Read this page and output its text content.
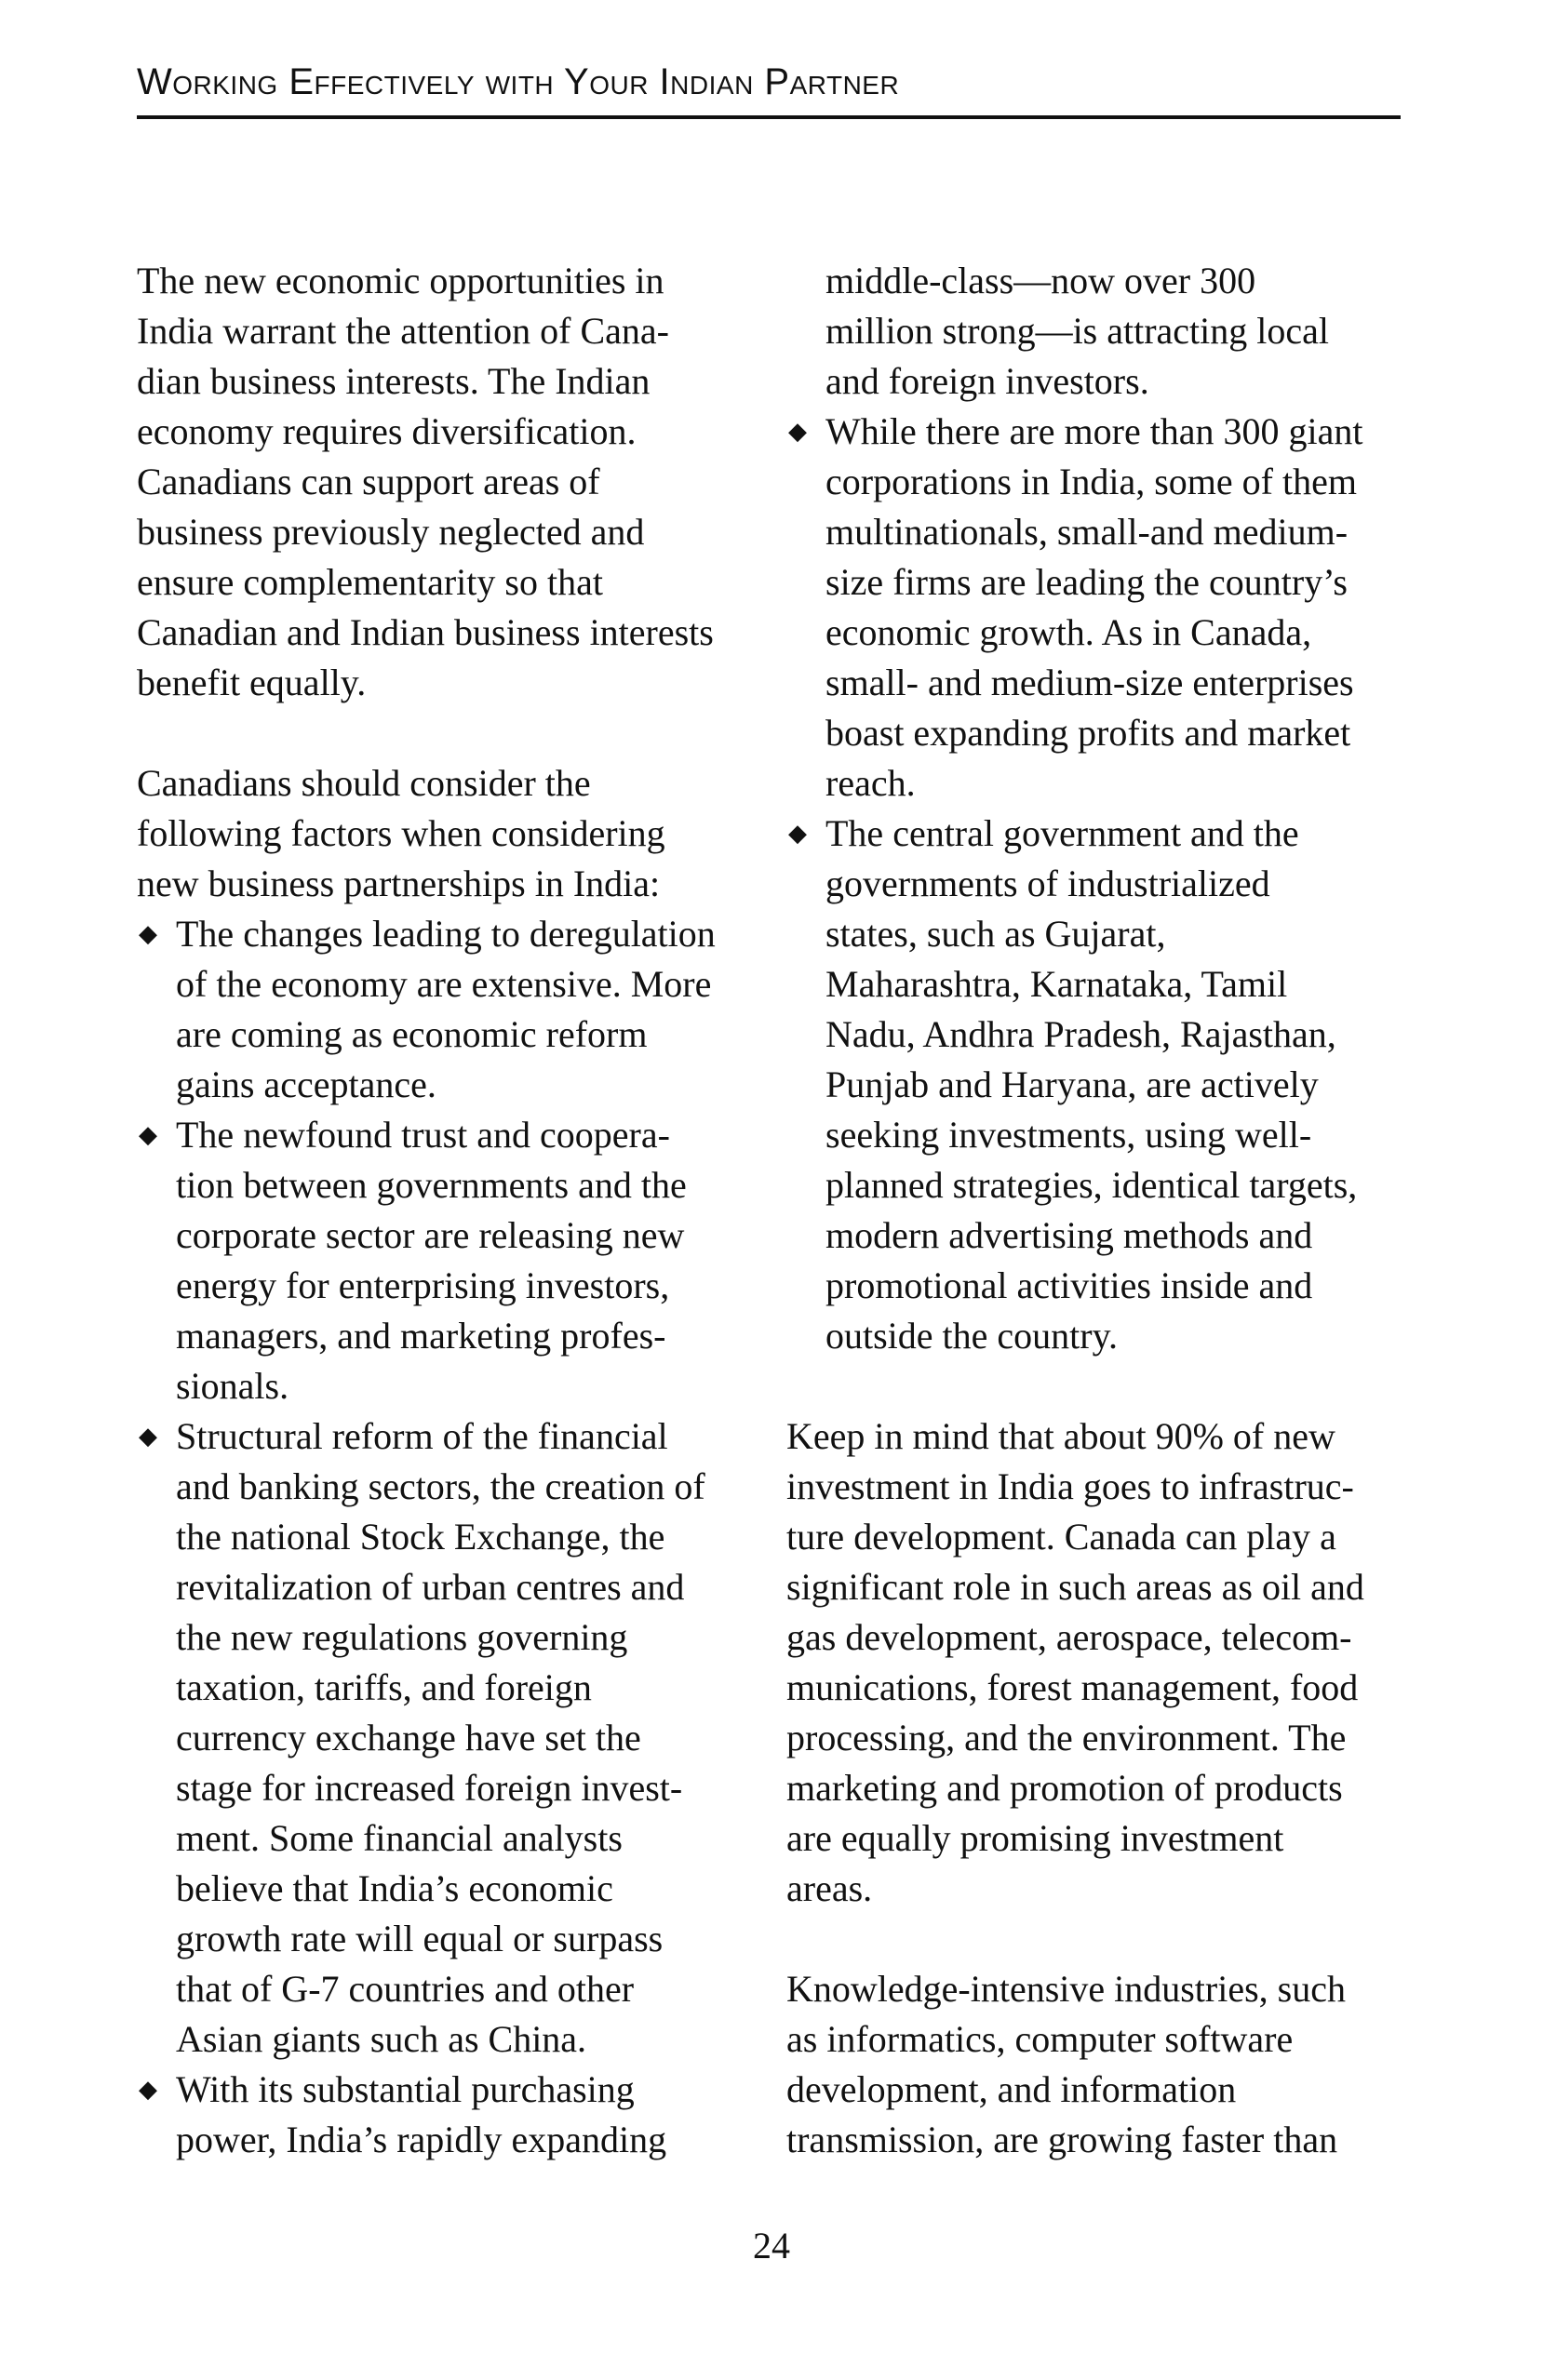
Working Effectively with Your Indian Partner

The new economic opportunities in
India warrant the attention of Cana-
dian business interests. The Indian
economy requires diversification.
Canadians can support areas of
business previously neglected and
ensure complementarity so that
Canadian and Indian business interests
benefit equally.

Canadians should consider the
following factors when considering
new business partnerships in India:

◆ The changes leading to deregulation
of the economy are extensive. More
are coming as economic reform
gains acceptance.
◆ The newfound trust and coopera-
tion between governments and the
corporate sector are releasing new
energy for enterprising investors,
managers, and marketing profes-
sionals.
◆ Structural reform of the financial
and banking sectors, the creation of
the national Stock Exchange, the
revitalization of urban centres and
the new regulations governing
taxation, tariffs, and foreign
currency exchange have set the
stage for increased foreign invest-
ment. Some financial analysts
believe that India’s economic
growth rate will equal or surpass
that of G-7 countries and other
Asian giants such as China.
◆ With its substantial purchasing
power, India’s rapidly expanding

middle-class—now over 300
million strong—is attracting local
and foreign investors.

◆ While there are more than 300 giant
corporations in India, some of them
multinationals, small-and medium-
size firms are leading the country’s
economic growth. As in Canada,
small- and medium-size enterprises
boast expanding profits and market
reach.
◆ The central government and the
governments of industrialized
states, such as Gujarat,
Maharashtra, Karnataka, Tamil
Nadu, Andhra Pradesh, Rajasthan,
Punjab and Haryana, are actively
seeking investments, using well-
planned strategies, identical targets,
modern advertising methods and
promotional activities inside and
outside the country.

Keep in mind that about 90% of new
investment in India goes to infrastruc-
ture development. Canada can play a
significant role in such areas as oil and
gas development, aerospace, telecom-
munications, forest management, food
processing, and the environment. The
marketing and promotion of products
are equally promising investment
areas.

Knowledge-intensive industries, such
as informatics, computer software
development, and information
transmission, are growing faster than

24
